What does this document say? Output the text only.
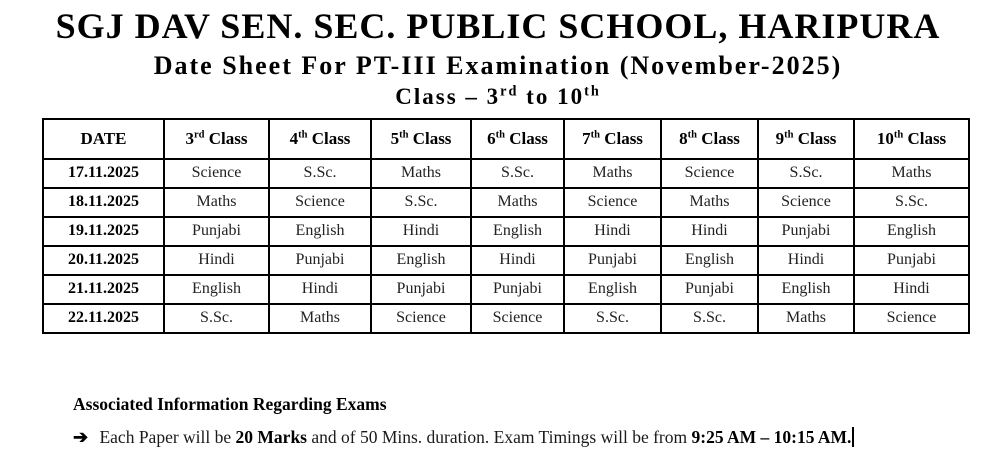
SGJ DAV SEN. SEC. PUBLIC SCHOOL, HARIPURA
Date Sheet For PT-III Examination (November-2025)
Class – 3rd to 10th
DATE	3rd Class	4th Class	5th Class	6th Class	7th Class	8th Class	9th Class	10th Class
17.11.2025	Science	S.Sc.	Maths	S.Sc.	Maths	Science	S.Sc.	Maths
18.11.2025	Maths	Science	S.Sc.	Maths	Science	Maths	Science	S.Sc.
19.11.2025	Punjabi	English	Hindi	English	Hindi	Hindi	Punjabi	English
20.11.2025	Hindi	Punjabi	English	Hindi	Punjabi	English	Hindi	Punjabi
21.11.2025	English	Hindi	Punjabi	Punjabi	English	Punjabi	English	Hindi
22.11.2025	S.Sc.	Maths	Science	Science	S.Sc.	S.Sc.	Maths	Science

Associated Information Regarding Exams

➔ Each Paper will be 20 Marks and of 50 Mins. duration. Exam Timings will be from 9:25 AM – 10:15 AM.
